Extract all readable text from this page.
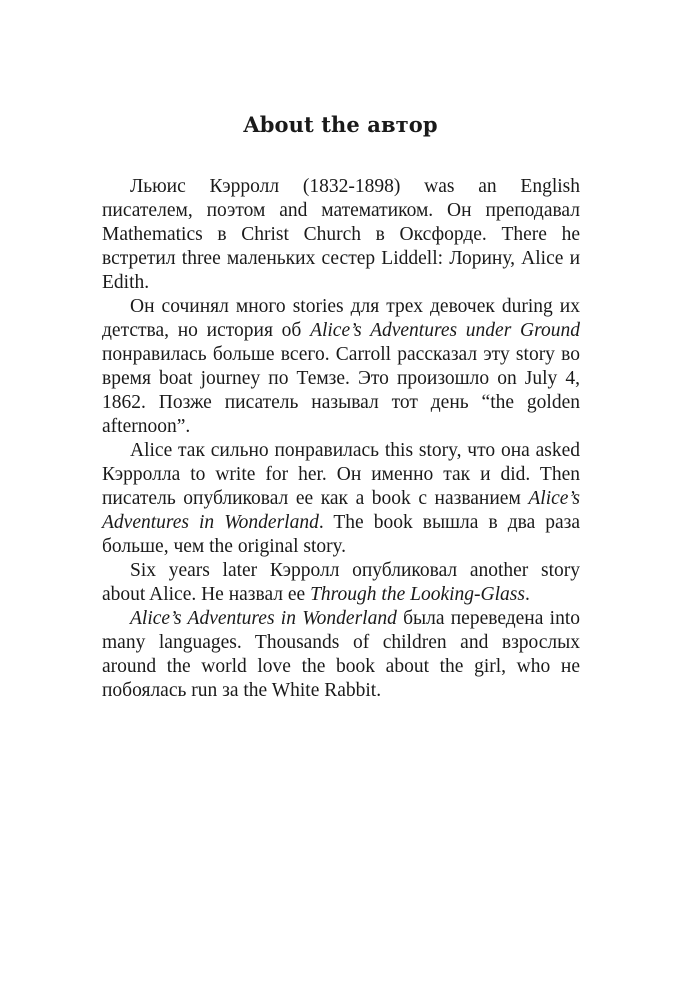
About the автор

Льюис Кэрролл (1832-1898) was an English писателем, поэтом and математиком. Он преподавал Mathematics в Christ Church в Оксфорде. There he встретил three маленьких сестер Liddell: Лорину, Alice и Edith.

Он сочинял много stories для трех девочек during их детства, но история об Alice’s Adventures under Ground понравилась больше всего. Carroll рассказал эту story во время boat journey по Темзе. Это произошло on July 4, 1862. Позже писатель называл тот день “the golden afternoon”.

Alice так сильно понравилась this story, что она asked Кэрролла to write for her. Он именно так и did. Then писатель опубликовал ее как a book с названием Alice’s Adventures in Wonderland. The book вышла в два раза больше, чем the original story.

Six years later Кэрролл опубликовал another story about Alice. Не назвал ее Through the Looking-Glass.

Alice’s Adventures in Wonderland была переведена into many languages. Thousands of children and взрослых around the world love the book about the girl, who не побоялась run за the White Rabbit.
